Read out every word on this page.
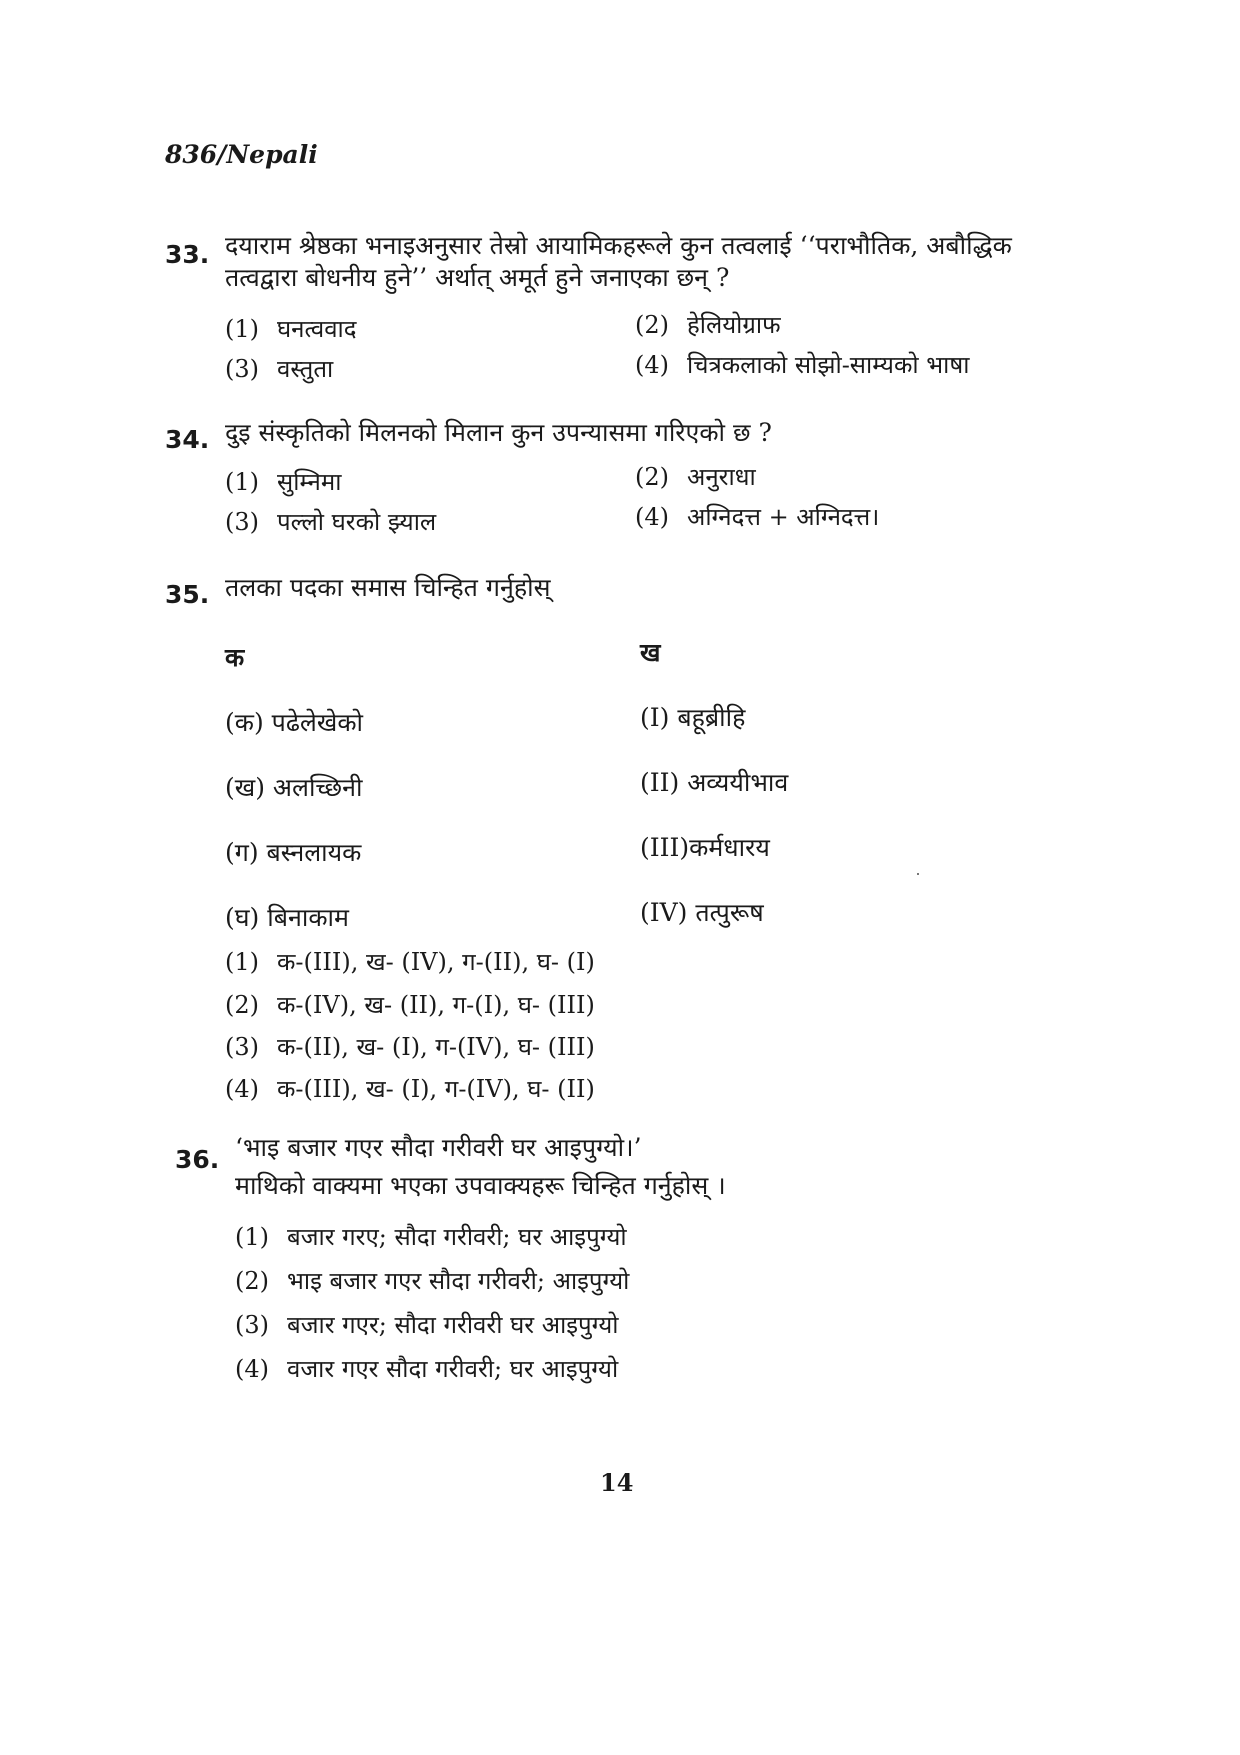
836/Nepali
33. दयाराम श्रेष्ठका भनाइअनुसार तेस्रो आयामिकहरूले कुन तत्वलाई ‘‘पराभौतिक, अबौद्धिक
तत्वद्वारा बोधनीय हुने’’ अर्थात् अमूर्त हुने जनाएका छन् ?
(1) घनत्ववाद	(2) हेलियोग्राफ
(3) वस्तुता	(4) चित्रकलाको सोझो-साम्यको भाषा
34. दुइ संस्कृतिको मिलनको मिलान कुन उपन्यासमा गरिएको छ ?
(1) सुम्निमा	(2) अनुराधा
(3) पल्लो घरको झ्याल	(4) अग्निदत्त + अग्निदत्त।
35. तलका पदका समास चिन्हित गर्नुहोस्
क	ख
(क) पढेलेखेको	(I) बहूब्रीहि
(ख) अलच्छिनी	(II) अव्ययीभाव
(ग) बस्नलायक	(III)कर्मधारय
(घ) बिनाकाम	(IV) तत्पुरूष
(1) क-(III), ख- (IV), ग-(II), घ- (I)
(2) क-(IV), ख- (II), ग-(I), घ- (III)
(3) क-(II), ख- (I), ग-(IV), घ- (III)
(4) क-(III), ख- (I), ग-(IV), घ- (II)
36. ‘भाइ बजार गएर सौदा गरीवरी घर आइपुग्यो।’
माथिको वाक्यमा भएका उपवाक्यहरू चिन्हित गर्नुहोस् ।
(1) बजार गरए; सौदा गरीवरी; घर आइपुग्यो
(2) भाइ बजार गएर सौदा गरीवरी; आइपुग्यो
(3) बजार गएर; सौदा गरीवरी घर आइपुग्यो
(4) वजार गएर सौदा गरीवरी; घर आइपुग्यो
14
